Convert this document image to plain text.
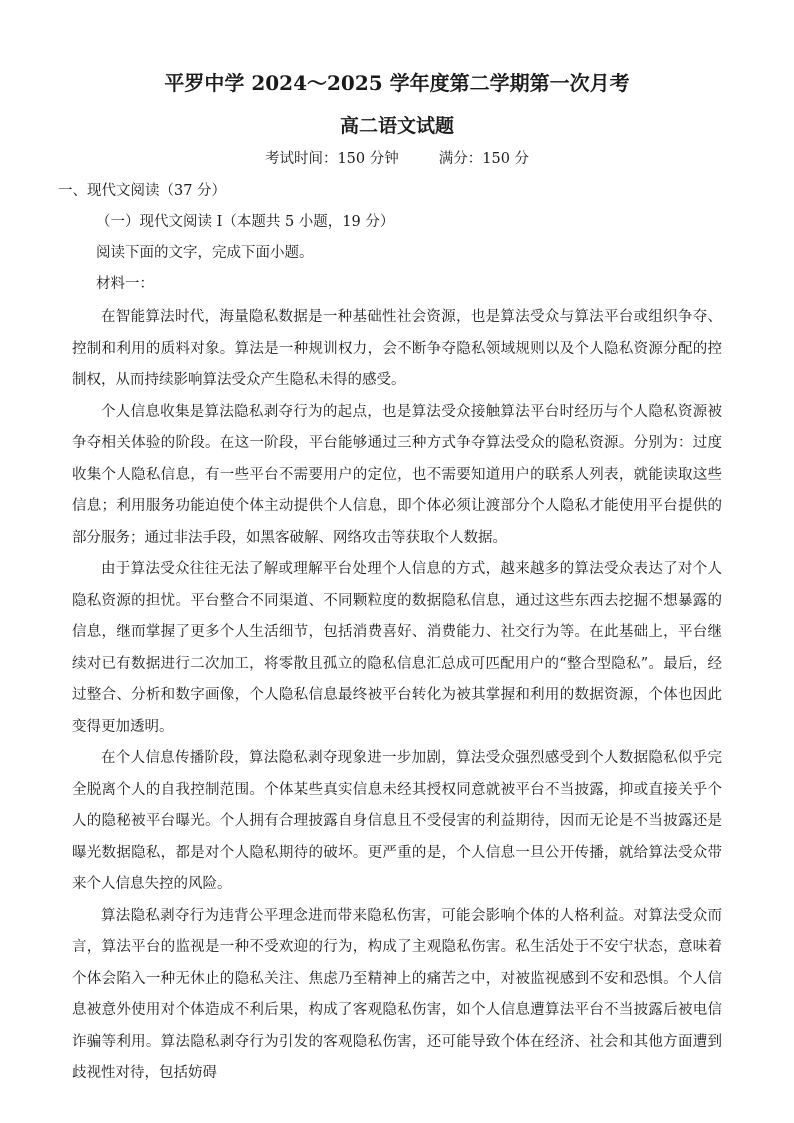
平罗中学 2024～2025 学年度第二学期第一次月考
高二语文试题
考试时间：150 分钟	满分：150 分
一、现代文阅读（37 分）
（一）现代文阅读 I（本题共 5 小题，19 分）
阅读下面的文字，完成下面小题。
材料一：

在智能算法时代，海量隐私数据是一种基础性社会资源，也是算法受众与算法平台或组织争夺、控制和利用的质料对象。算法是一种规训权力，会不断争夺隐私领域规则以及个人隐私资源分配的控制权，从而持续影响算法受众产生隐私未得的感受。

个人信息收集是算法隐私剥夺行为的起点，也是算法受众接触算法平台时经历与个人隐私资源被争夺相关体验的阶段。在这一阶段，平台能够通过三种方式争夺算法受众的隐私资源。分别为：过度收集个人隐私信息，有一些平台不需要用户的定位，也不需要知道用户的联系人列表，就能读取这些信息；利用服务功能迫使个体主动提供个人信息，即个体必须让渡部分个人隐私才能使用平台提供的部分服务；通过非法手段，如黑客破解、网络攻击等获取个人数据。

由于算法受众往往无法了解或理解平台处理个人信息的方式，越来越多的算法受众表达了对个人隐私资源的担忧。平台整合不同渠道、不同颗粒度的数据隐私信息，通过这些东西去挖掘不想暴露的信息，继而掌握了更多个人生活细节，包括消费喜好、消费能力、社交行为等。在此基础上，平台继续对已有数据进行二次加工，将零散且孤立的隐私信息汇总成可匹配用户的“整合型隐私”。最后，经过整合、分析和数字画像，个人隐私信息最终被平台转化为被其掌握和利用的数据资源，个体也因此变得更加透明。

在个人信息传播阶段，算法隐私剥夺现象进一步加剧，算法受众强烈感受到个人数据隐私似乎完全脱离个人的自我控制范围。个体某些真实信息未经其授权同意就被平台不当披露，抑或直接关乎个人的隐秘被平台曝光。个人拥有合理披露自身信息且不受侵害的利益期待，因而无论是不当披露还是曝光数据隐私，都是对个人隐私期待的破坏。更严重的是，个人信息一旦公开传播，就给算法受众带来个人信息失控的风险。

算法隐私剥夺行为违背公平理念进而带来隐私伤害，可能会影响个体的人格利益。对算法受众而言，算法平台的监视是一种不受欢迎的行为，构成了主观隐私伤害。私生活处于不安宁状态，意味着个体会陷入一种无休止的隐私关注、焦虑乃至精神上的痛苦之中，对被监视感到不安和恐惧。个人信息被意外使用对个体造成不利后果，构成了客观隐私伤害，如个人信息遭算法平台不当披露后被电信诈骗等利用。算法隐私剥夺行为引发的客观隐私伤害，还可能导致个体在经济、社会和其他方面遭到歧视性对待，包括妨碍
